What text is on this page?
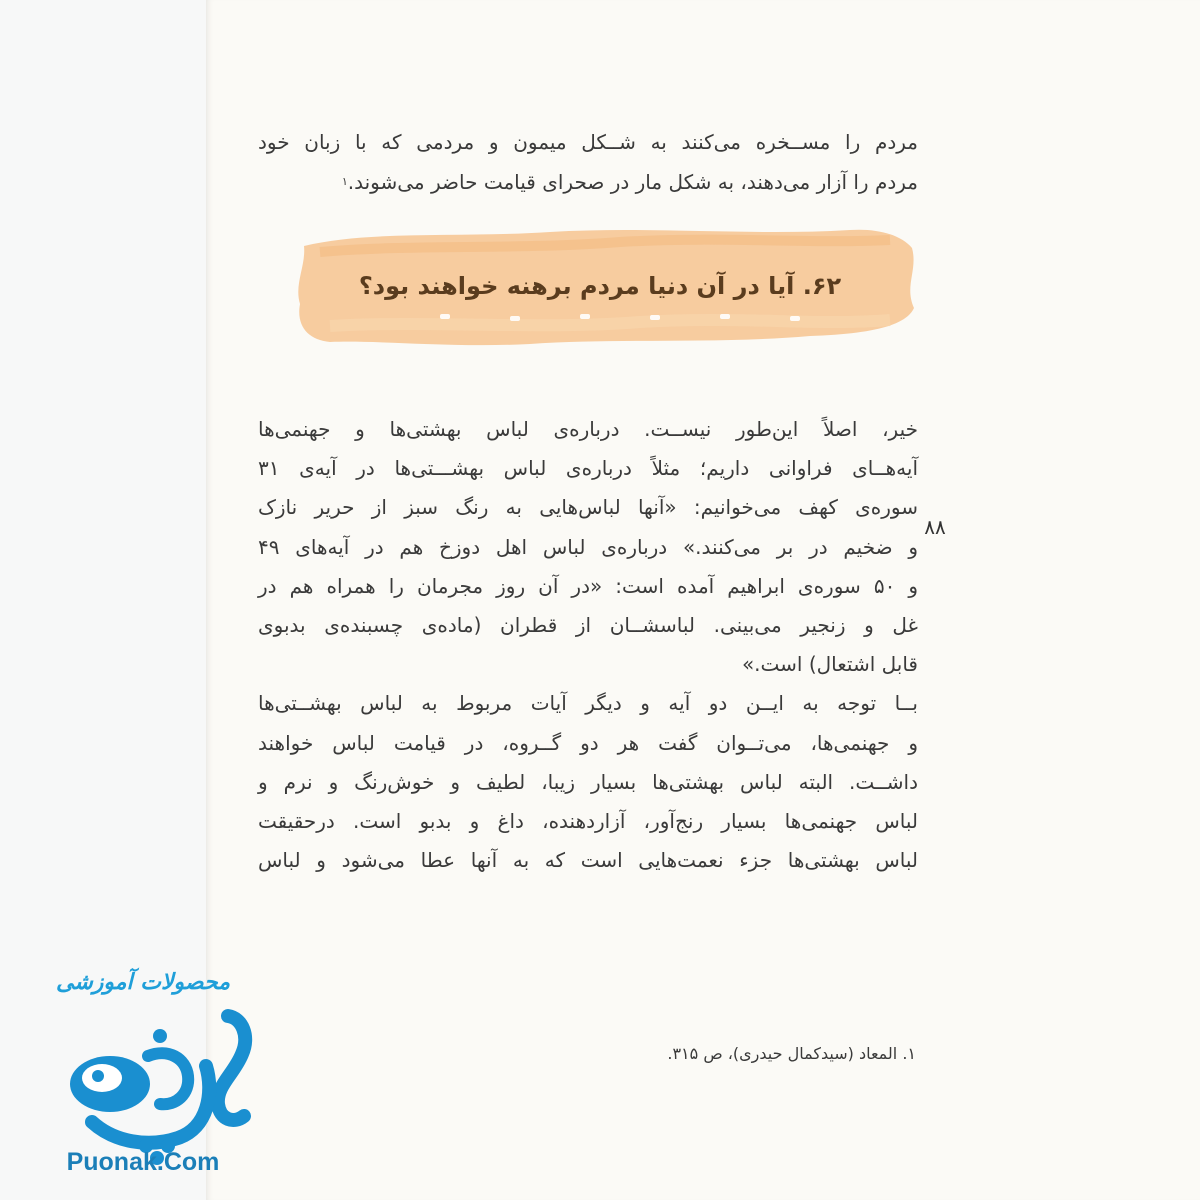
مردم را مســخره می‌کنند به شــکل میمون و مردمی که با زبان خود
مردم را آزار می‌دهند، به شکل مار در صحرای قیامت حاضر می‌شوند.$^۱$
۶۲. آیا در آن دنیا مردم برهنه خواهند بود؟
خیر، اصلاً این‌طور نیســت. درباره‌ی لباس بهشتی‌ها و جهنمی‌ها
آیه‌هــای فراوانی داریم؛ مثلاً درباره‌ی لباس بهشـــتی‌ها در آیه‌ی ۳۱
سوره‌ی کهف می‌خوانیم: «آنها لباس‌هایی به رنگ سبز از حریر نازک
و ضخیم در بر می‌کنند.» درباره‌ی لباس اهل دوزخ هم در آیه‌های ۴۹
و ۵۰ سوره‌ی ابراهیم آمده است: «در آن روز مجرمان را همراه هم در
غل و زنجیر می‌بینی. لباسشــان از قطران (ماده‌ی چسبنده‌ی بدبوی
قابل اشتعال) است.»
بــا توجه به ایــن دو آیه و دیگر آیات مربوط به لباس بهشــتی‌ها
و جهنمی‌ها، می‌تــوان گفت هر دو گــروه، در قیامت لباس خواهند
داشــت. البته لباس بهشتی‌ها بسیار زیبا، لطیف و خوش‌رنگ و نرم و
لباس جهنمی‌ها بسیار رنج‌آور، آزاردهنده، داغ و بدبو است. درحقیقت
لباس بهشتی‌ها جزء نعمت‌هایی است که به آنها عطا می‌شود و لباس
۸۸
۱. المعاد (سیدکمال حیدری)، ص ۳۱۵.
محصولات آموزشی
Puonak.Com
